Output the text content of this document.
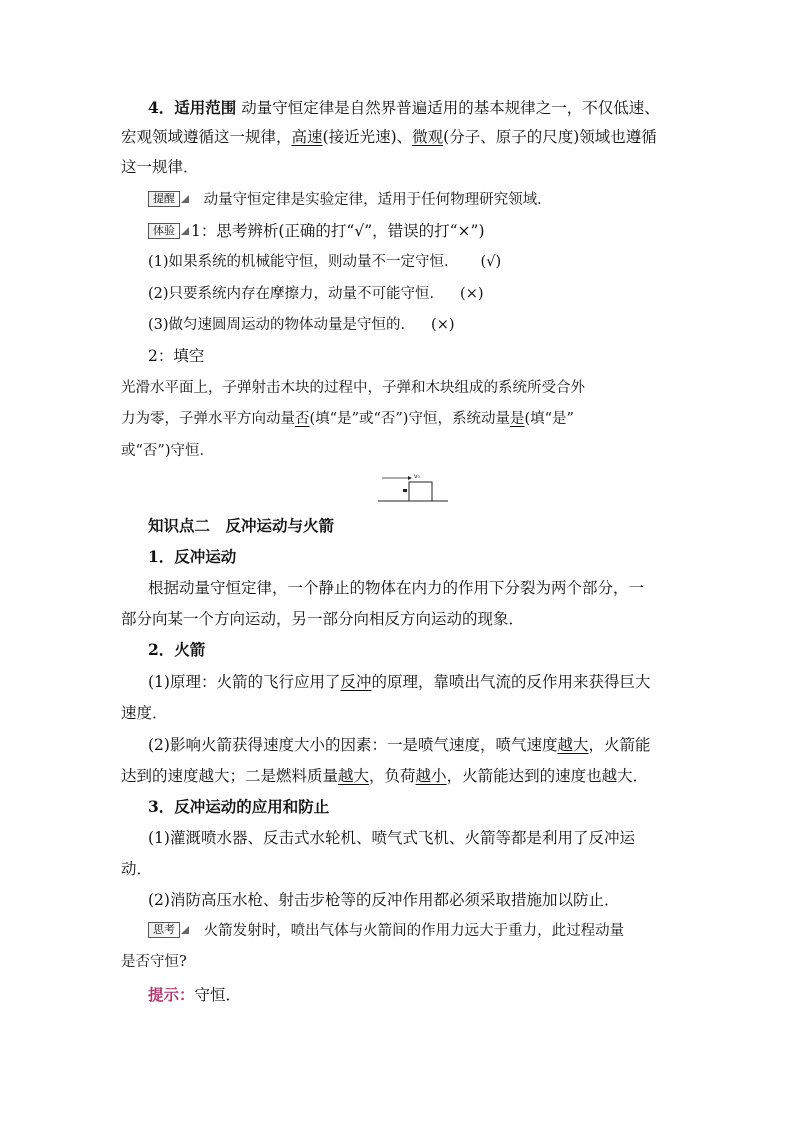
4．适用范围 动量守恒定律是自然界普遍适用的基本规律之一，不仅低速、
宏观领域遵循这一规律，高速(接近光速)、微观(分子、原子的尺度)领域也遵循
这一规律．
提醒 动量守恒定律是实验定律，适用于任何物理研究领域．
体验 1：思考辨析(正确的打“√”，错误的打“×”)
(1)如果系统的机械能守恒，则动量不一定守恒． (√)
(2)只要系统内存在摩擦力，动量不可能守恒． (×)
(3)做匀速圆周运动的物体动量是守恒的． (×)
2：填空
光滑水平面上，子弹射击木块的过程中，子弹和木块组成的系统所受合外
力为零，子弹水平方向动量否(填“是”或“否”)守恒，系统动量是(填“是”
或“否”)守恒．
v₀
知识点二　反冲运动与火箭
1．反冲运动
根据动量守恒定律，一个静止的物体在内力的作用下分裂为两个部分，一
部分向某一个方向运动，另一部分向相反方向运动的现象．
2．火箭
(1)原理：火箭的飞行应用了反冲的原理，靠喷出气流的反作用来获得巨大
速度．
(2)影响火箭获得速度大小的因素：一是喷气速度，喷气速度越大，火箭能
达到的速度越大；二是燃料质量越大，负荷越小，火箭能达到的速度也越大．
3．反冲运动的应用和防止
(1)灌溉喷水器、反击式水轮机、喷气式飞机、火箭等都是利用了反冲运
动．
(2)消防高压水枪、射击步枪等的反冲作用都必须采取措施加以防止．
思考 火箭发射时，喷出气体与火箭间的作用力远大于重力，此过程动量
是否守恒?
提示：守恒．
